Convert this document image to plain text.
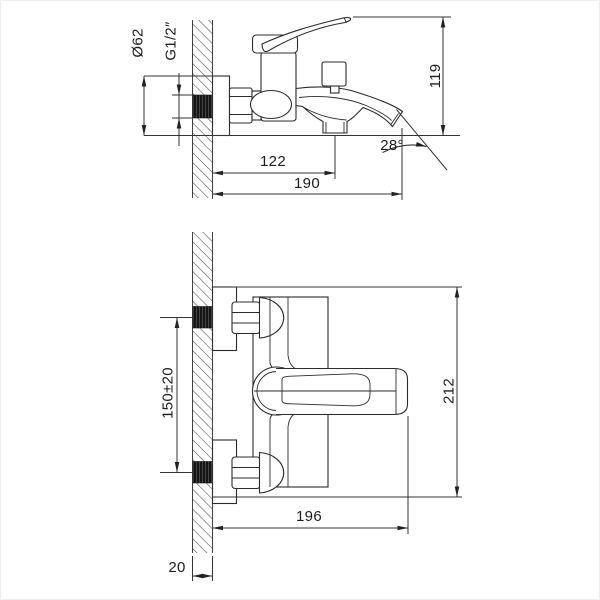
Ø62 G1/2″
122
190
119
28°
150±20	212
196
20
